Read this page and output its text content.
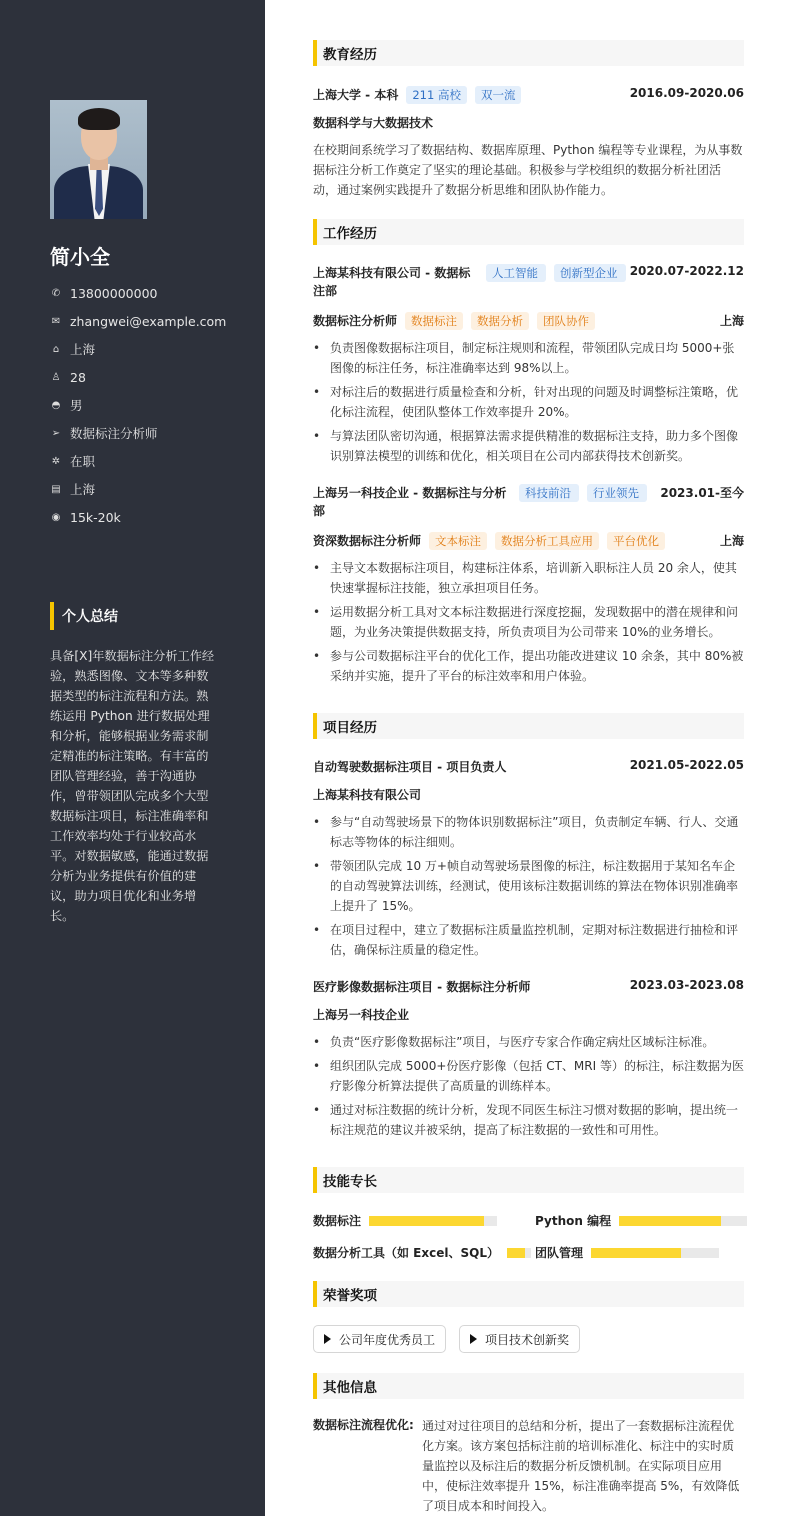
简小全
✆ 13800000000
✉ zhangwei@example.com
⌂ 上海
♙ 28
◓ 男
➢ 数据标注分析师
✲ 在职
▤ 上海
◉ 15k-20k
个人总结
具备[X]年数据标注分析工作经验，熟悉图像、文本等多种数据类型的标注流程和方法。熟练运用 Python 进行数据处理和分析，能够根据业务需求制定精准的标注策略。有丰富的团队管理经验，善于沟通协作，曾带领团队完成多个大型数据标注项目，标注准确率和工作效率均处于行业较高水平。对数据敏感，能通过数据分析为业务提供有价值的建议，助力项目优化和业务增长。
教育经历
上海大学 - 本科	211 高校	双一流	2016.09-2020.06
数据科学与大数据技术
在校期间系统学习了数据结构、数据库原理、Python 编程等专业课程，为从事数据标注分析工作奠定了坚实的理论基础。积极参与学校组织的数据分析社团活动，通过案例实践提升了数据分析思维和团队协作能力。
工作经历
上海某科技有限公司 - 数据标注部
人工智能	创新型企业	2020.07-2022.12
数据标注分析师	数据标注	数据分析	团队协作	上海
• 负责图像数据标注项目，制定标注规则和流程，带领团队完成日均 5000+张图像的标注任务，标注准确率达到 98%以上。
• 对标注后的数据进行质量检查和分析，针对出现的问题及时调整标注策略，优化标注流程，使团队整体工作效率提升 20%。
• 与算法团队密切沟通，根据算法需求提供精准的数据标注支持，助力多个图像识别算法模型的训练和优化，相关项目在公司内部获得技术创新奖。
上海另一科技企业 - 数据标注与分析部
科技前沿	行业领先	2023.01-至今
资深数据标注分析师	文本标注	数据分析工具应用	平台优化	上海
• 主导文本数据标注项目，构建标注体系，培训新入职标注人员 20 余人，使其快速掌握标注技能，独立承担项目任务。
• 运用数据分析工具对文本标注数据进行深度挖掘，发现数据中的潜在规律和问题，为业务决策提供数据支持，所负责项目为公司带来 10%的业务增长。
• 参与公司数据标注平台的优化工作，提出功能改进建议 10 余条，其中 80%被采纳并实施，提升了平台的标注效率和用户体验。
项目经历
自动驾驶数据标注项目 - 项目负责人	2021.05-2022.05
上海某科技有限公司
• 参与“自动驾驶场景下的物体识别数据标注”项目，负责制定车辆、行人、交通标志等物体的标注细则。
• 带领团队完成 10 万+帧自动驾驶场景图像的标注，标注数据用于某知名车企的自动驾驶算法训练，经测试，使用该标注数据训练的算法在物体识别准确率上提升了 15%。
• 在项目过程中，建立了数据标注质量监控机制，定期对标注数据进行抽检和评估，确保标注质量的稳定性。
医疗影像数据标注项目 - 数据标注分析师	2023.03-2023.08
上海另一科技企业
• 负责“医疗影像数据标注”项目，与医疗专家合作确定病灶区域标注标准。
• 组织团队完成 5000+份医疗影像（包括 CT、MRI 等）的标注，标注数据为医疗影像分析算法提供了高质量的训练样本。
• 通过对标注数据的统计分析，发现不同医生标注习惯对数据的影响，提出统一标注规范的建议并被采纳，提高了标注数据的一致性和可用性。
技能专长
数据标注	Python 编程
数据分析工具（如 Excel、SQL）	团队管理
荣誉奖项
公司年度优秀员工	项目技术创新奖
其他信息
数据标注流程优化: 通过对过往项目的总结和分析，提出了一套数据标注流程优化方案。该方案包括标注前的培训标准化、标注中的实时质量监控以及标注后的数据分析反馈机制。在实际项目应用中，使标注效率提升 15%，标注准确率提高 5%，有效降低了项目成本和时间投入。
